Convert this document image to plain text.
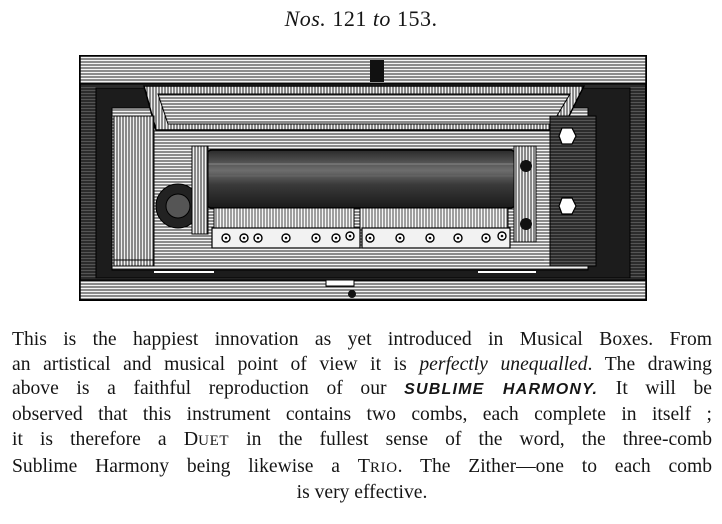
Nos. 121 to 153.
This is the happiest innovation as yet introduced in Musical Boxes. From
an artistical and musical point of view it is perfectly unequalled. The drawing
above is a faithful reproduction of our SUBLIME HARMONY. It will be
observed that this instrument contains two combs, each complete in itself ;
it is therefore a DUET in the fullest sense of the word, the three-comb
Sublime Harmony being likewise a TRIO. The Zither—one to each comb
is very effective.
